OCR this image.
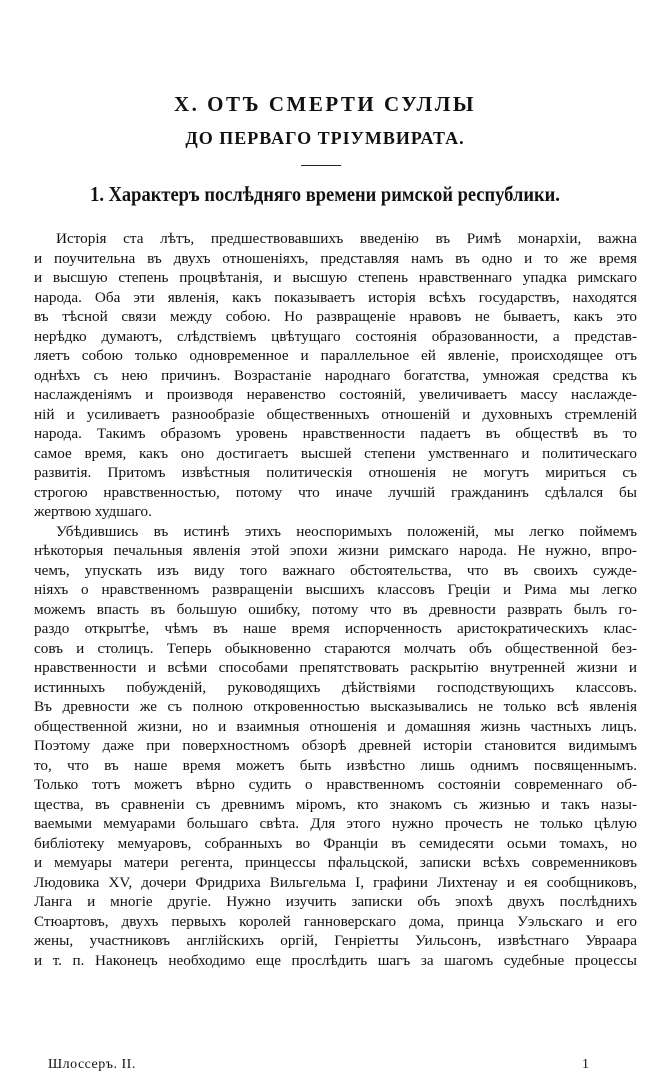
X. ОТЪ СМЕРТИ СУЛЛЫ
ДО ПЕРВАГО ТРІУМВИРАТА.
1. Характеръ послѣдняго времени римской республики.
Исторія ста лѣтъ, предшествовавшихъ введенію въ Римѣ монархіи, важна
и поучительна въ двухъ отношеніяхъ, представляя намъ въ одно и то же время
и высшую степень процвѣтанія, и высшую степень нравственнаго упадка римскаго
народа. Оба эти явленія, какъ показываетъ исторія всѣхъ государствъ, находятся
въ тѣсной связи между собою. Но развращеніе нравовъ не бываетъ, какъ это
нерѣдко думаютъ, слѣдствіемъ цвѣтущаго состоянія образованности, а представ-
ляетъ собою только одновременное и параллельное ей явленіе, происходящее отъ
однѣхъ съ нею причинъ. Возрастаніе народнаго богатства, умножая средства къ
наслажденіямъ и производя неравенство состояній, увеличиваетъ массу наслажде-
ній и усиливаетъ разнообразіе общественныхъ отношеній и духовныхъ стремленій
народа. Такимъ образомъ уровень нравственности падаетъ въ обществѣ въ то
самое время, какъ оно достигаетъ высшей степени умственнаго и политическаго
развитія. Притомъ извѣстныя политическія отношенія не могутъ мириться съ
строгою нравственностью, потому что иначе лучшій гражданинъ сдѣлался бы
жертвою худшаго.
Убѣдившись въ истинѣ этихъ неоспоримыхъ положеній, мы легко поймемъ
нѣкоторыя печальныя явленія этой эпохи жизни римскаго народа. Не нужно, впро-
чемъ, упускать изъ виду того важнаго обстоятельства, что въ своихъ сужде-
ніяхъ о нравственномъ развращеніи высшихъ классовъ Греціи и Рима мы легко
можемъ впасть въ большую ошибку, потому что въ древности разврать былъ го-
раздо открытѣе, чѣмъ въ наше время испорченность аристократическихъ клас-
совъ и столицъ. Теперь обыкновенно стараются молчать объ общественной без-
нравственности и всѣми способами препятствовать раскрытію внутренней жизни и
истинныхъ побужденій, руководящихъ дѣйствіями господствующихъ классовъ.
Въ древности же съ полною откровенностью высказывались не только всѣ явленія
общественной жизни, но и взаимныя отношенія и домашняя жизнь частныхъ лицъ.
Поэтому даже при поверхностномъ обзорѣ древней исторіи становится видимымъ
то, что въ наше время можетъ быть извѣстно лишь однимъ посвященнымъ.
Только тотъ можетъ вѣрно судить о нравственномъ состояніи современнаго об-
щества, въ сравненіи съ древнимъ міромъ, кто знакомъ съ жизнью и такъ назы-
ваемыми мемуарами большаго свѣта. Для этого нужно прочесть не только цѣлую
библіотеку мемуаровъ, собранныхъ во Франціи въ семидесяти осьми томахъ, но
и мемуары матери регента, принцессы пфальцской, записки всѣхъ современниковъ
Людовика XV, дочери Фридриха Вильгельма I, графини Лихтенау и ея сообщниковъ,
Ланга и многіе другіе. Нужно изучить записки объ эпохѣ двухъ послѣднихъ
Стюартовъ, двухъ первыхъ королей ганноверскаго дома, принца Уэльскаго и его
жены, участниковъ англійскихъ оргій, Генріетты Уильсонъ, извѣстнаго Увраара
и т. п. Наконецъ необходимо еще прослѣдить шагъ за шагомъ судебные процессы
Шлоссеръ. II.	1
